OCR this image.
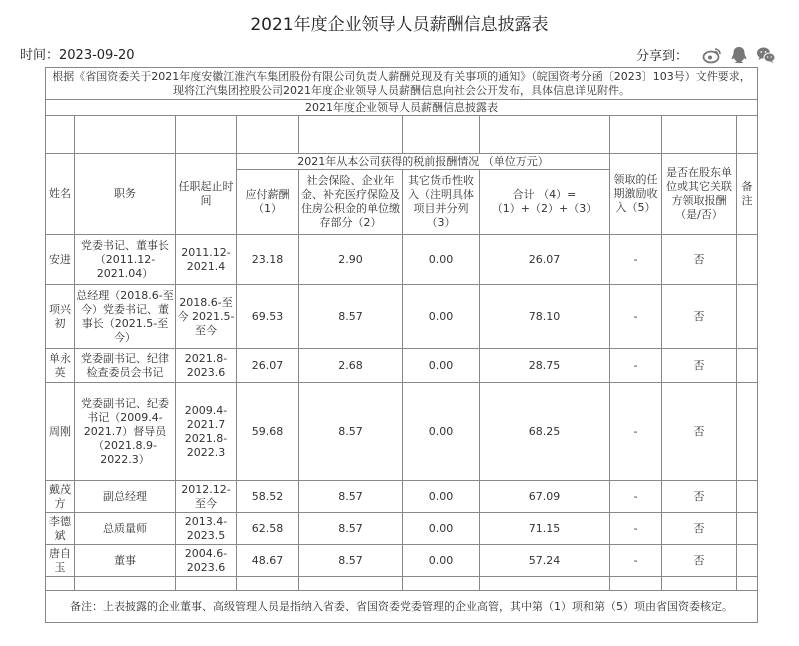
2021年度企业领导人员薪酬信息披露表
时间：2023-09-20	分享到：
根据《省国资委关于2021年度安徽江淮汽车集团股份有限公司负责人薪酬兑现及有关事项的通知》（皖国资考分函〔2023〕103号）文件要求，现将江汽集团控股公司2021年度企业领导人员薪酬信息向社会公开发布，具体信息详见附件。									
2021年度企业领导人员薪酬信息披露表									

姓名	职务	任职起止时间	2021年从本公司获得的税前报酬情况 （单位万元）				领取的任期激励收入（5）	是否在股东单位或其它关联方领取报酬（是/否）	备注
			应付薪酬（1）	社会保险、企业年金、补充医疗保险及住房公积金的单位缴存部分（2）	其它货币性收入（注明具体项目并分列（3）	合计 （4）=（1）+（2）+（3）			
安进	党委书记、董事长（2011.12-2021.04）	2011.12-2021.4	23.18	2.90	0.00	26.07	-	否	
项兴初	总经理（2018.6-至今）党委书记、董事长（2021.5-至今）	2018.6-至今 2021.5-至今	69.53	8.57	0.00	78.10	-	否	
单永英	党委副书记、纪律检查委员会书记	2021.8-2023.6	26.07	2.68	0.00	28.75	-	否	
周刚	党委副书记、纪委书记（2009.4-2021.7）督导员（2021.8.9-2022.3）	2009.4-2021.7 2021.8-2022.3	59.68	8.57	0.00	68.25	-	否	
戴茂方	副总经理	2012.12-至今	58.52	8.57	0.00	67.09	-	否	
李德斌	总质量师	2013.4-2023.5	62.58	8.57	0.00	71.15	-	否	
唐自玉	董事	2004.6-2023.6	48.67	8.57	0.00	57.24	-	否	

备注：上表披露的企业董事、高级管理人员是指纳入省委、省国资委党委管理的企业高管，其中第（1）项和第（5）项由省国资委核定。									
